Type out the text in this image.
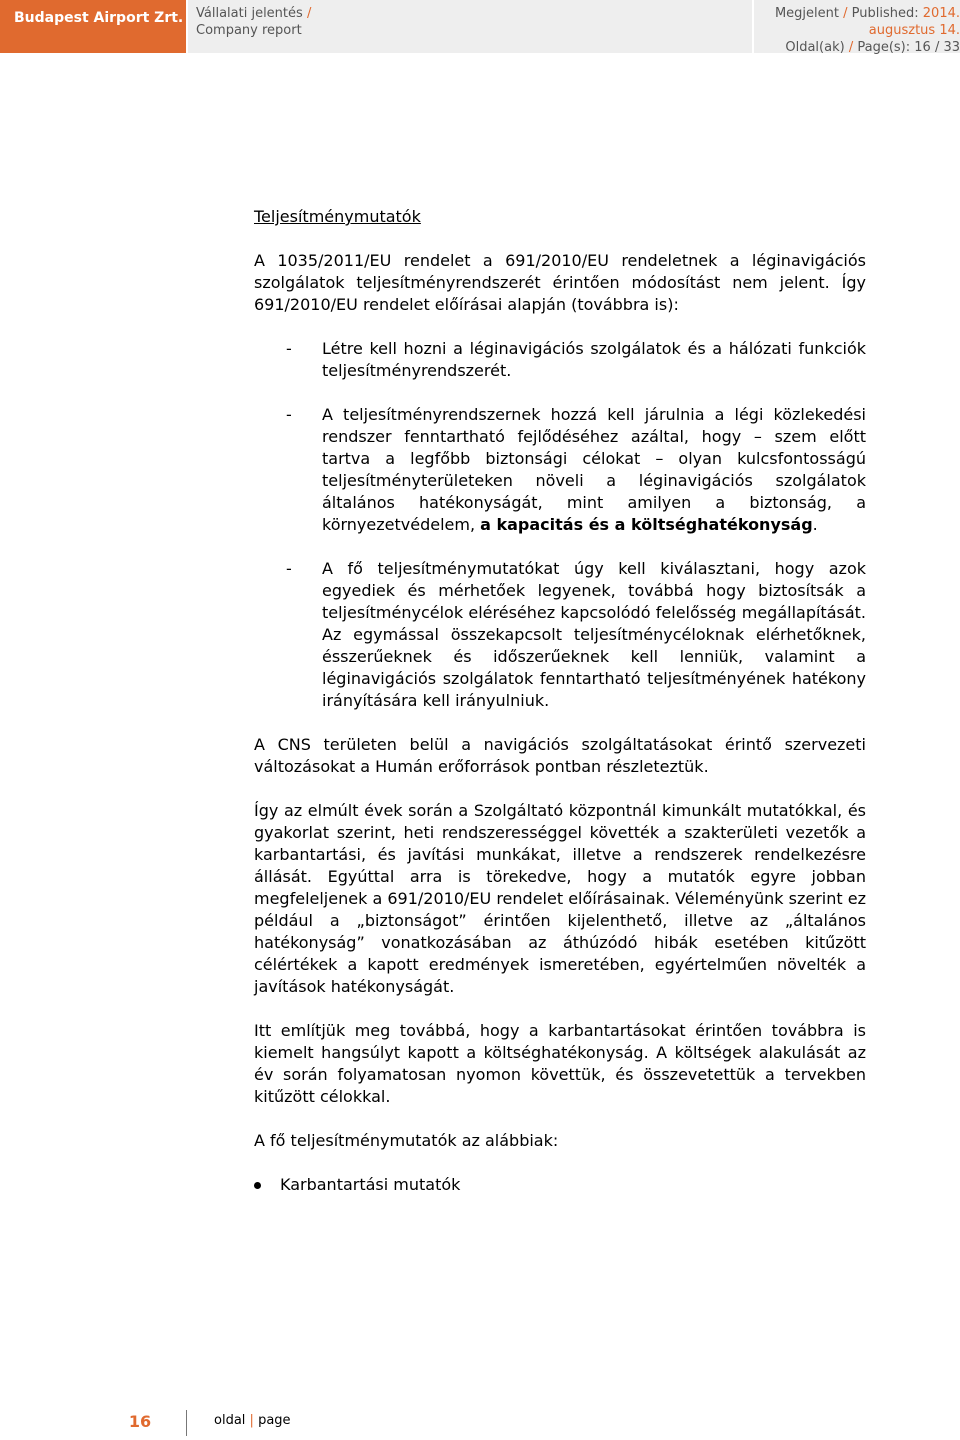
Budapest Airport Zrt. Vállalati jelentés /
Company report
Megjelent / Published: 2014.
augusztus 14.
Oldal(ak) / Page(s): 16 / 33
Teljesítménymutatók

A 1035/2011/EU rendelet a 691/2010/EU rendeletnek a léginavigációs szolgálatok teljesítményrendszerét érintően módosítást nem jelent. Így 691/2010/EU rendelet előírásai alapján (továbbra is):

- Létre kell hozni a léginavigációs szolgálatok és a hálózati funkciók teljesítményrendszerét.
- A teljesítményrendszernek hozzá kell járulnia a légi közlekedési rendszer fenntartható fejlődéséhez azáltal, hogy – szem előtt tartva a legfőbb biztonsági célokat – olyan kulcsfontosságú teljesítményterületeken növeli a léginavigációs szolgálatok általános hatékonyságát, mint amilyen a biztonság, a környezetvédelem, a kapacitás és a költséghatékonyság.
- A fő teljesítménymutatókat úgy kell kiválasztani, hogy azok egyediek és mérhetőek legyenek, továbbá hogy biztosítsák a teljesítménycélok eléréséhez kapcsolódó felelősség megállapítását. Az egymással összekapcsolt teljesítménycéloknak elérhetőknek, ésszerűeknek és időszerűeknek kell lenniük, valamint a léginavigációs szolgálatok fenntartható teljesítményének hatékony irányítására kell irányulniuk.

A CNS területen belül a navigációs szolgáltatásokat érintő szervezeti változásokat a Humán erőforrások pontban részleteztük.

Így az elmúlt évek során a Szolgáltató központnál kimunkált mutatókkal, és gyakorlat szerint, heti rendszerességgel követték a szakterületi vezetők a karbantartási, és javítási munkákat, illetve a rendszerek rendelkezésre állását. Egyúttal arra is törekedve, hogy a mutatók egyre jobban megfeleljenek a 691/2010/EU rendelet előírásainak. Véleményünk szerint ez például a „biztonságot” érintően kijelenthető, illetve az „általános hatékonyság” vonatkozásában az áthúzódó hibák esetében kitűzött célértékek a kapott eredmények ismeretében, egyértelműen növelték a javítások hatékonyságát.

Itt említjük meg továbbá, hogy a karbantartásokat érintően továbbra is kiemelt hangsúlyt kapott a költséghatékonyság. A költségek alakulását az év során folyamatosan nyomon követtük, és összevetettük a tervekben kitűzött célokkal.

A fő teljesítménymutatók az alábbiak:

Karbantartási mutatók
16	oldal | page
